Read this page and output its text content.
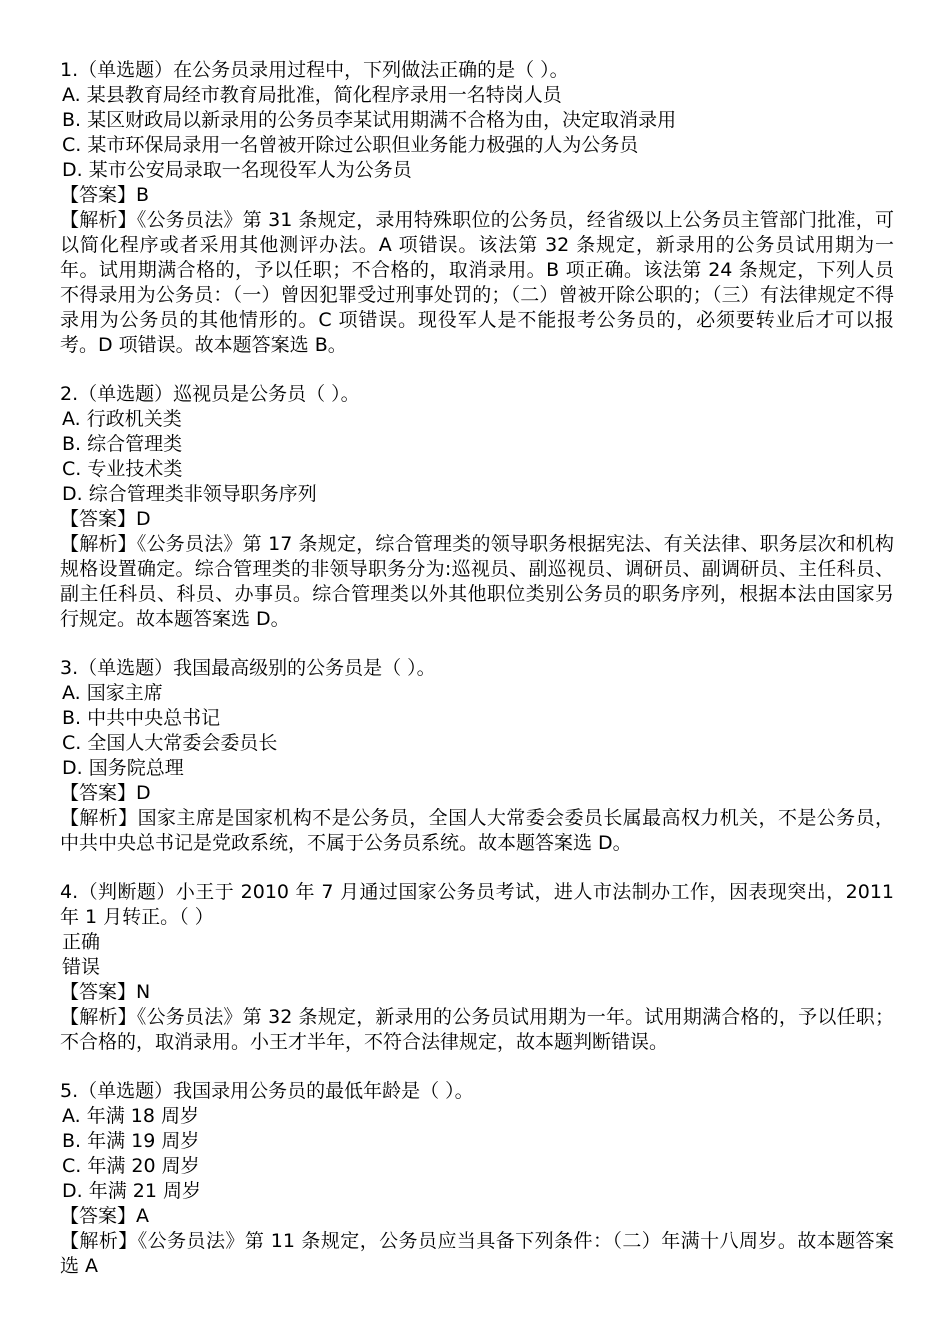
1.（单选题）在公务员录用过程中，下列做法正确的是（ ）。
A. 某县教育局经市教育局批准，简化程序录用一名特岗人员
B. 某区财政局以新录用的公务员李某试用期满不合格为由，决定取消录用
C. 某市环保局录用一名曾被开除过公职但业务能力极强的人为公务员
D. 某市公安局录取一名现役军人为公务员
【答案】B
【解析】《公务员法》第 31 条规定，录用特殊职位的公务员，经省级以上公务员主管部门批准，可以简化程序或者采用其他测评办法。A 项错误。该法第 32 条规定，新录用的公务员试用期为一年。试用期满合格的，予以任职；不合格的，取消录用。B 项正确。该法第 24 条规定，下列人员不得录用为公务员：（一）曾因犯罪受过刑事处罚的；（二）曾被开除公职的；（三）有法律规定不得录用为公务员的其他情形的。C 项错误。现役军人是不能报考公务员的，必须要转业后才可以报考。D 项错误。故本题答案选 B。
2.（单选题）巡视员是公务员（ ）。
A. 行政机关类
B. 综合管理类
C. 专业技术类
D. 综合管理类非领导职务序列
【答案】D
【解析】《公务员法》第 17 条规定，综合管理类的领导职务根据宪法、有关法律、职务层次和机构规格设置确定。综合管理类的非领导职务分为:巡视员、副巡视员、调研员、副调研员、主任科员、副主任科员、科员、办事员。综合管理类以外其他职位类别公务员的职务序列，根据本法由国家另行规定。故本题答案选 D。
3.（单选题）我国最高级别的公务员是（ ）。
A. 国家主席
B. 中共中央总书记
C. 全国人大常委会委员长
D. 国务院总理
【答案】D
【解析】国家主席是国家机构不是公务员，全国人大常委会委员长属最高权力机关，不是公务员，中共中央总书记是党政系统，不属于公务员系统。故本题答案选 D。
4.（判断题）小王于 2010 年 7 月通过国家公务员考试，进人市法制办工作，因表现突出，2011 年 1 月转正。（ ）
正确
错误
【答案】N
【解析】《公务员法》第 32 条规定，新录用的公务员试用期为一年。试用期满合格的，予以任职；不合格的，取消录用。小王才半年，不符合法律规定，故本题判断错误。
5.（单选题）我国录用公务员的最低年龄是（ ）。
A. 年满 18 周岁
B. 年满 19 周岁
C. 年满 20 周岁
D. 年满 21 周岁
【答案】A
【解析】《公务员法》第 11 条规定，公务员应当具备下列条件：（二）年满十八周岁。故本题答案选 A
